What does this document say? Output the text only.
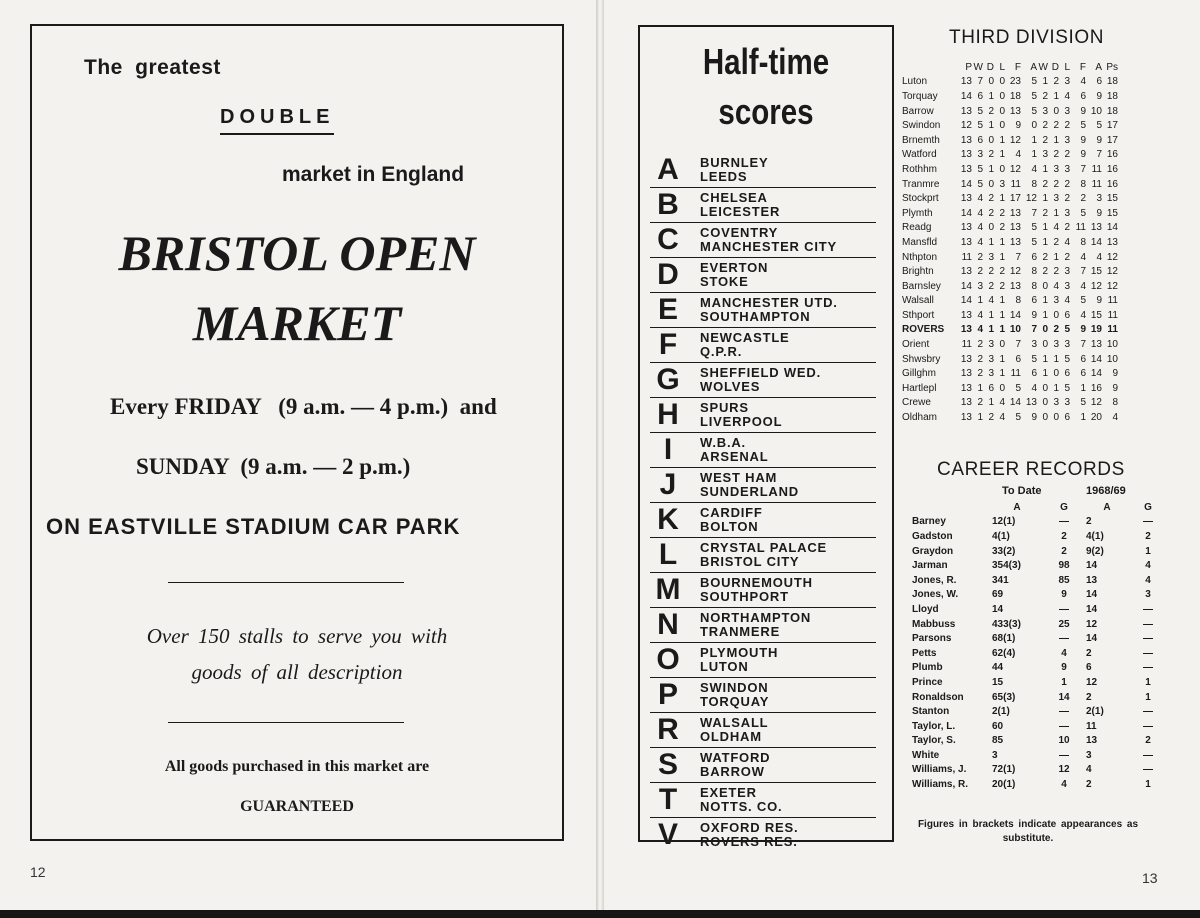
The greatest

DOUBLE

market in England

BRISTOL OPEN
MARKET

Every FRIDAY   (9 a.m. — 4 p.m.)  and

SUNDAY  (9 a.m. — 2 p.m.)

ON EASTVILLE STADIUM CAR PARK

Over 150 stalls to serve you with goods of all description

All goods purchased in this market are

GUARANTEED

12
Half-time
scores
A	BURNLEY
LEEDS
B	CHELSEA
LEICESTER
C	COVENTRY
MANCHESTER CITY
D	EVERTON
STOKE
E	MANCHESTER UTD.
SOUTHAMPTON
F	NEWCASTLE
Q.P.R.
G	SHEFFIELD WED.
WOLVES
H	SPURS
LIVERPOOL
I	W.B.A.
ARSENAL
J	WEST HAM
SUNDERLAND
K	CARDIFF
BOLTON
L	CRYSTAL PALACE
BRISTOL CITY
M	BOURNEMOUTH
SOUTHPORT
N	NORTHAMPTON
TRANMERE
O	PLYMOUTH
LUTON
P	SWINDON
TORQUAY
R	WALSALL
OLDHAM
S	WATFORD
BARROW
T	EXETER
NOTTS. CO.
V	OXFORD RES.
ROVERS RES.
THIRD DIVISION
	P	W	D	L	F	A	W	D	L	F	A	Ps
Luton	13	7	0	0	23	5	1	2	3	4	6	18
Torquay	14	6	1	0	18	5	2	1	4	6	9	18
Barrow	13	5	2	0	13	5	3	0	3	9	10	18
Swindon	12	5	1	0	9	0	2	2	2	5	5	17
Brnemth	13	6	0	1	12	1	2	1	3	9	9	17
Watford	13	3	2	1	4	1	3	2	2	9	7	16
Rothhm	13	5	1	0	12	4	1	3	3	7	11	16
Tranmre	14	5	0	3	11	8	2	2	2	8	11	16
Stockprt	13	4	2	1	17	12	1	3	2	2	3	15
Plymth	14	4	2	2	13	7	2	1	3	5	9	15
Readg	13	4	0	2	13	5	1	4	2	11	13	14
Mansfld	13	4	1	1	13	5	1	2	4	8	14	13
Nthpton	11	2	3	1	7	6	2	1	2	4	4	12
Brightn	13	2	2	2	12	8	2	2	3	7	15	12
Barnsley	14	3	2	2	13	8	0	4	3	4	12	12
Walsall	14	1	4	1	8	6	1	3	4	5	9	11
Sthport	13	4	1	1	14	9	1	0	6	4	15	11
ROVERS	13	4	1	1	10	7	0	2	5	9	19	11
Orient	11	2	3	0	7	3	0	3	3	7	13	10
Shwsbry	13	2	3	1	6	5	1	1	5	6	14	10
Gillghm	13	2	3	1	11	6	1	0	6	6	14	9
Hartlepl	13	1	6	0	5	4	0	1	5	1	16	9
Crewe	13	2	1	4	14	13	0	3	3	5	12	8
Oldham	13	1	2	4	5	9	0	0	6	1	20	4
CAREER RECORDS
To Date	1968/69
	A	G	A	G
Barney	12(1)	—	2	—
Gadston	4(1)	2	4(1)	2
Graydon	33(2)	2	9(2)	1
Jarman	354(3)	98	14	4
Jones, R.	341	85	13	4
Jones, W.	69	9	14	3
Lloyd	14	—	14	—
Mabbuss	433(3)	25	12	—
Parsons	68(1)	—	14	—
Petts	62(4)	4	2	—
Plumb	44	9	6	—
Prince	15	1	12	1
Ronaldson	65(3)	14	2	1
Stanton	2(1)	—	2(1)	—
Taylor, L.	60	—	11	—
Taylor, S.	85	10	13	2
White	3	—	3	—
Williams, J.	72(1)	12	4	—
Williams, R.	20(1)	4	2	1
Figures in brackets indicate appearances as substitute.
13
